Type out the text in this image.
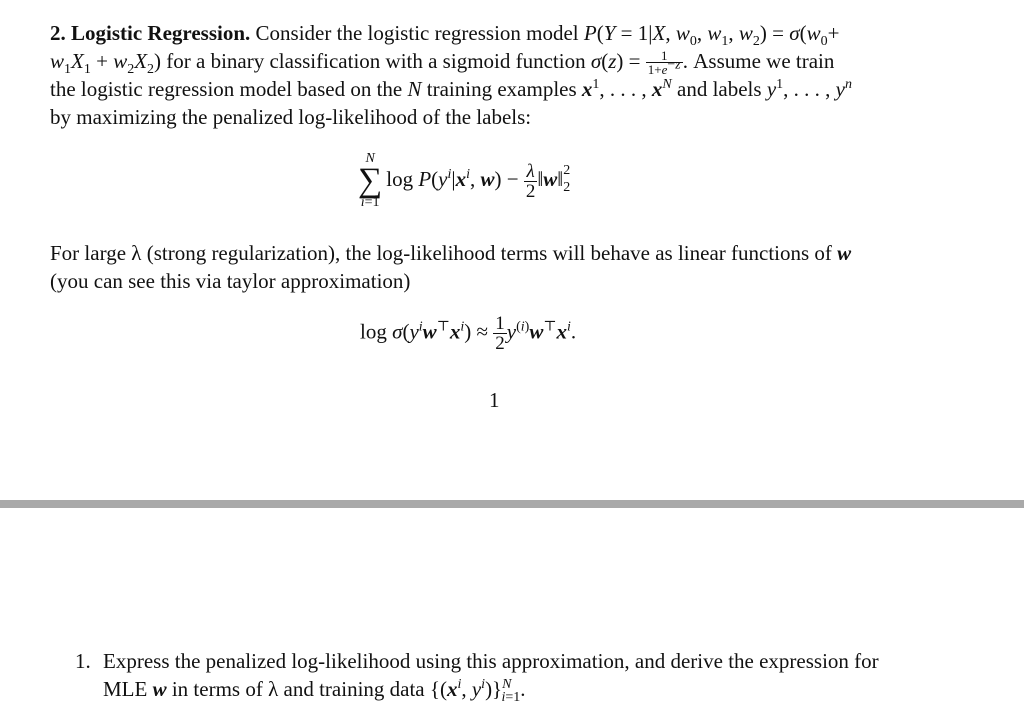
2. Logistic Regression. Consider the logistic regression model P(Y = 1|X, $w_0$, $w_1$, $w_2) = \sigma(w_0+$
$w_1X_1 + w_2X_2$) for a binary classification with a sigmoid function $\sigma(z) = \frac{1}{1+e^{-z}}$ . Assume we train
the logistic regression model based on the N training examples $x^1$, . . . , $x^N$ and labels $y^1$, . . . , $y^n$
by maximizing the penalized log-likelihood of the labels:
N
∑
i=1
$\log P(y^i|x^i$, $w) - \frac{\lambda}{2}$ ‖w‖$^2_2$
For large λ (strong regularization), the log-likelihood terms will behave as linear functions of w
(you can see this via taylor approximation)
$\log \sigma(y^iw^⊤x^i) \approx \frac{1}{2} y^{(i)}w^⊤x^i$.
1
1. Express the penalized log-likelihood using this approximation, and derive the expression for
MLE w in terms of λ and training data {($x^i$, $y^i)\}^N_{i=1}$.
